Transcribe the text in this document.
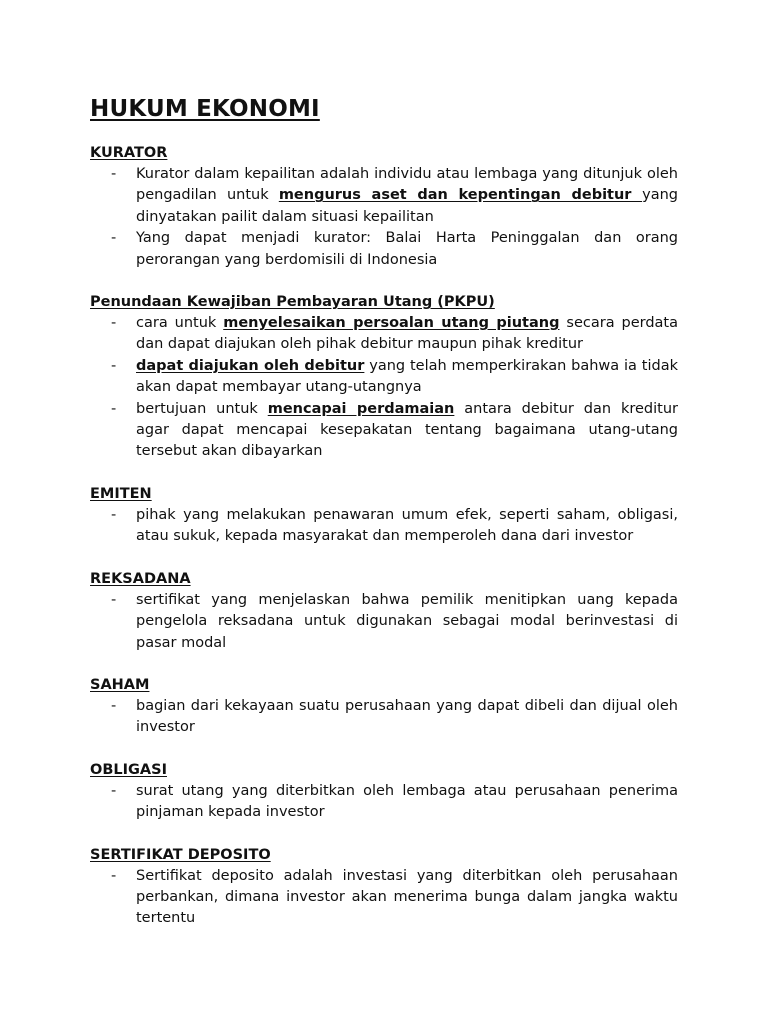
HUKUM EKONOMI
KURATOR
- Kurator dalam kepailitan adalah individu atau lembaga yang ditunjuk oleh pengadilan untuk mengurus aset dan kepentingan debitur yang dinyatakan pailit dalam situasi kepailitan
- Yang dapat menjadi kurator: Balai Harta Peninggalan dan orang perorangan yang berdomisili di Indonesia
Penundaan Kewajiban Pembayaran Utang (PKPU)
- cara untuk menyelesaikan persoalan utang piutang secara perdata dan dapat diajukan oleh pihak debitur maupun pihak kreditur
- dapat diajukan oleh debitur yang telah memperkirakan bahwa ia tidak akan dapat membayar utang-utangnya
- bertujuan untuk mencapai perdamaian antara debitur dan kreditur agar dapat mencapai kesepakatan tentang bagaimana utang-utang tersebut akan dibayarkan
EMITEN
- pihak yang melakukan penawaran umum efek, seperti saham, obligasi, atau sukuk, kepada masyarakat dan memperoleh dana dari investor
REKSADANA
- sertifikat yang menjelaskan bahwa pemilik menitipkan uang kepada pengelola reksadana untuk digunakan sebagai modal berinvestasi di pasar modal
SAHAM
- bagian dari kekayaan suatu perusahaan yang dapat dibeli dan dijual oleh investor
OBLIGASI
- surat utang yang diterbitkan oleh lembaga atau perusahaan penerima pinjaman kepada investor
SERTIFIKAT DEPOSITO
- Sertifikat deposito adalah investasi yang diterbitkan oleh perusahaan perbankan, dimana investor akan menerima bunga dalam jangka waktu tertentu
